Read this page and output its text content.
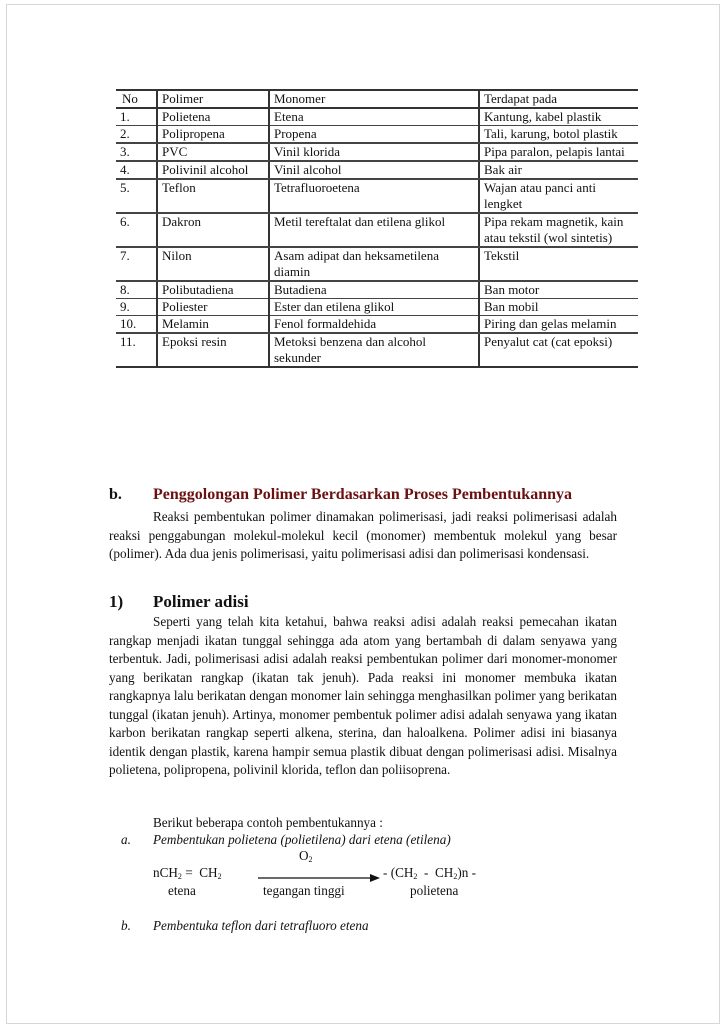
No	Polimer	Monomer	Terdapat pada
1.	Polietena	Etena	Kantung, kabel plastik
2.	Polipropena	Propena	Tali, karung, botol plastik
3.	PVC	Vinil klorida	Pipa paralon, pelapis lantai
4.	Polivinil alcohol	Vinil alcohol	Bak air
5.	Teflon	Tetrafluoroetena	Wajan atau panci anti lengket
6.	Dakron	Metil tereftalat dan etilena glikol	Pipa rekam magnetik, kain atau tekstil (wol sintetis)
7.	Nilon	Asam adipat dan heksametilena diamin	Tekstil
8.	Polibutadiena	Butadiena	Ban motor
9.	Poliester	Ester dan etilena glikol	Ban mobil
10.	Melamin	Fenol formaldehida	Piring dan gelas melamin
11.	Epoksi resin	Metoksi benzena dan alcohol sekunder	Penyalut cat (cat epoksi)
b. Penggolongan Polimer Berdasarkan Proses Pembentukannya

Reaksi pembentukan polimer dinamakan polimerisasi, jadi reaksi polimerisasi adalah reaksi penggabungan molekul-molekul kecil (monomer) membentuk molekul yang besar (polimer). Ada dua jenis polimerisasi, yaitu polimerisasi adisi dan polimerisasi kondensasi.

1) Polimer adisi

Seperti yang telah kita ketahui, bahwa reaksi adisi adalah reaksi pemecahan ikatan rangkap menjadi ikatan tunggal sehingga ada atom yang bertambah di dalam senyawa yang terbentuk. Jadi, polimerisasi adisi adalah reaksi pembentukan polimer dari monomer-monomer yang berikatan rangkap (ikatan tak jenuh). Pada reaksi ini monomer membuka ikatan rangkapnya lalu berikatan dengan monomer lain sehingga menghasilkan polimer yang berikatan tunggal (ikatan jenuh). Artinya, monomer pembentuk polimer adisi adalah senyawa yang ikatan karbon berikatan rangkap seperti alkena, sterina, dan haloalkena. Polimer adisi ini biasanya identik dengan plastik, karena hampir semua plastik dibuat dengan polimerisasi adisi. Misalnya polietena, polipropena, polivinil klorida, teflon dan poliisoprena.

Berikut beberapa contoh pembentukannya :
a. Pembentukan polietena (polietilena) dari etena (etilena)
$O_2$
$nCH_2 = CH_2$	- $(CH_2 - CH_2)n$ -
etena	tegangan tinggi	polietena
b. Pembentuka teflon dari tetrafluoro etena
